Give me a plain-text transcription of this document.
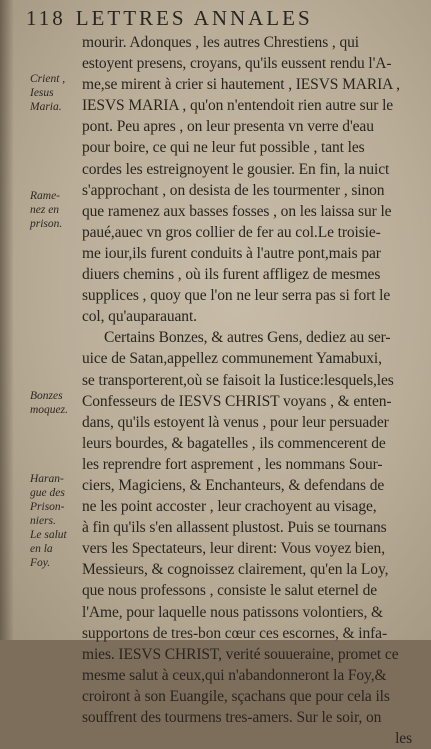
118 LETTRES ANNALES
Crient ,
Iesus
Maria.
Rame-
nez en
prison.
Bonzes
moquez.
Haran-
gue des
Prison-
niers.
Le salut
en la
Foy.
mourir. Adonques , les autres Chrestiens , qui
estoyent presens, croyans, qu'ils eussent rendu l'A-
me,se mirent à crier si hautement , IESVS MARIA ,
IESVS MARIA , qu'on n'entendoit rien autre sur le
pont. Peu apres , on leur presenta vn verre d'eau
pour boire, ce qui ne leur fut possible , tant les
cordes les estreignoyent le gousier. En fin, la nuict
s'approchant , on desista de les tourmenter , sinon
que ramenez aux basses fosses , on les laissa sur le
paué,auec vn gros collier de fer au col.Le troisie-
me iour,ils furent conduits à l'autre pont,mais par
diuers chemins , où ils furent affligez de mesmes
supplices , quoy que l'on ne leur serra pas si fort le
col, qu'auparauant.
Certains Bonzes, & autres Gens, dediez au ser-
uice de Satan,appellez communement Yamabuxi,
se transporterent,où se faisoit la Iustice:lesquels,les
Confesseurs de IESVS CHRIST voyans , & enten-
dans, qu'ils estoyent là venus , pour leur persuader
leurs bourdes, & bagatelles , ils commencerent de
les reprendre fort asprement , les nommans Sour-
ciers, Magiciens, & Enchanteurs, & defendans de
ne les point accoster , leur crachoyent au visage,
à fin qu'ils s'en allassent plustost. Puis se tournans
vers les Spectateurs, leur dirent: Vous voyez bien,
Messieurs, & cognoissez clairement, qu'en la Loy,
que nous professons , consiste le salut eternel de
l'Ame, pour laquelle nous patissons volontiers, &
supportons de tres-bon cœur ces escornes, & infa-
mies. IESVS CHRIST, verité souueraine, promet ce
mesme salut à ceux,qui n'abandonneront la Foy,&
croiront à son Euangile, sçachans que pour cela ils
souffrent des tourmens tres-amers. Sur le soir, on
les
